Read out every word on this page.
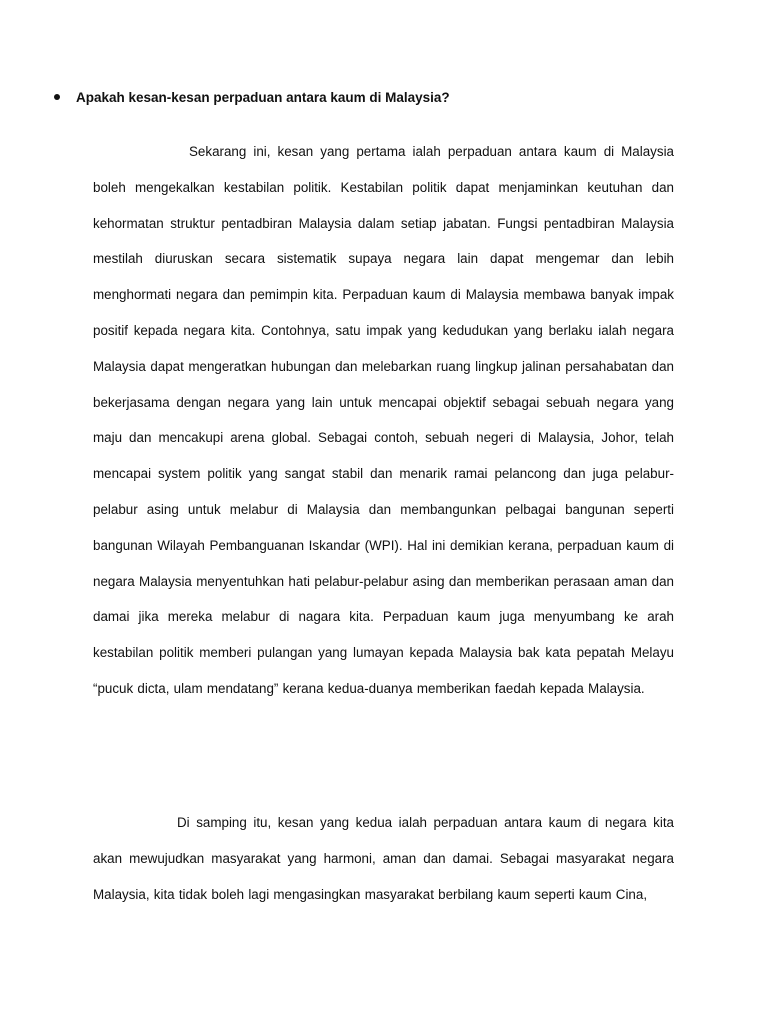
Apakah kesan-kesan perpaduan antara kaum di Malaysia?

Sekarang ini, kesan yang pertama ialah perpaduan antara kaum di Malaysia boleh mengekalkan kestabilan politik. Kestabilan politik dapat menjaminkan keutuhan dan kehormatan struktur pentadbiran Malaysia dalam setiap jabatan. Fungsi pentadbiran Malaysia mestilah diuruskan secara sistematik supaya negara lain dapat mengemar dan lebih menghormati negara dan pemimpin kita. Perpaduan kaum di Malaysia membawa banyak impak positif kepada negara kita. Contohnya, satu impak yang kedudukan yang berlaku ialah negara Malaysia dapat mengeratkan hubungan dan melebarkan ruang lingkup jalinan persahabatan dan bekerjasama dengan negara yang lain untuk mencapai objektif sebagai sebuah negara yang maju dan mencakupi arena global. Sebagai contoh, sebuah negeri di Malaysia, Johor, telah mencapai system politik yang sangat stabil dan menarik ramai pelancong dan juga pelabur-pelabur asing untuk melabur di Malaysia dan membangunkan pelbagai bangunan seperti bangunan Wilayah Pembanguanan Iskandar (WPI). Hal ini demikian kerana, perpaduan kaum di negara Malaysia menyentuhkan hati pelabur-pelabur asing dan memberikan perasaan aman dan damai jika mereka melabur di nagara kita. Perpaduan kaum juga menyumbang ke arah kestabilan politik memberi pulangan yang lumayan kepada Malaysia bak kata pepatah Melayu “pucuk dicta, ulam mendatang” kerana kedua-duanya memberikan faedah kepada Malaysia.

Di samping itu, kesan yang kedua ialah perpaduan antara kaum di negara kita akan mewujudkan masyarakat yang harmoni, aman dan damai. Sebagai masyarakat negara Malaysia, kita tidak boleh lagi mengasingkan masyarakat berbilang kaum seperti kaum Cina,
